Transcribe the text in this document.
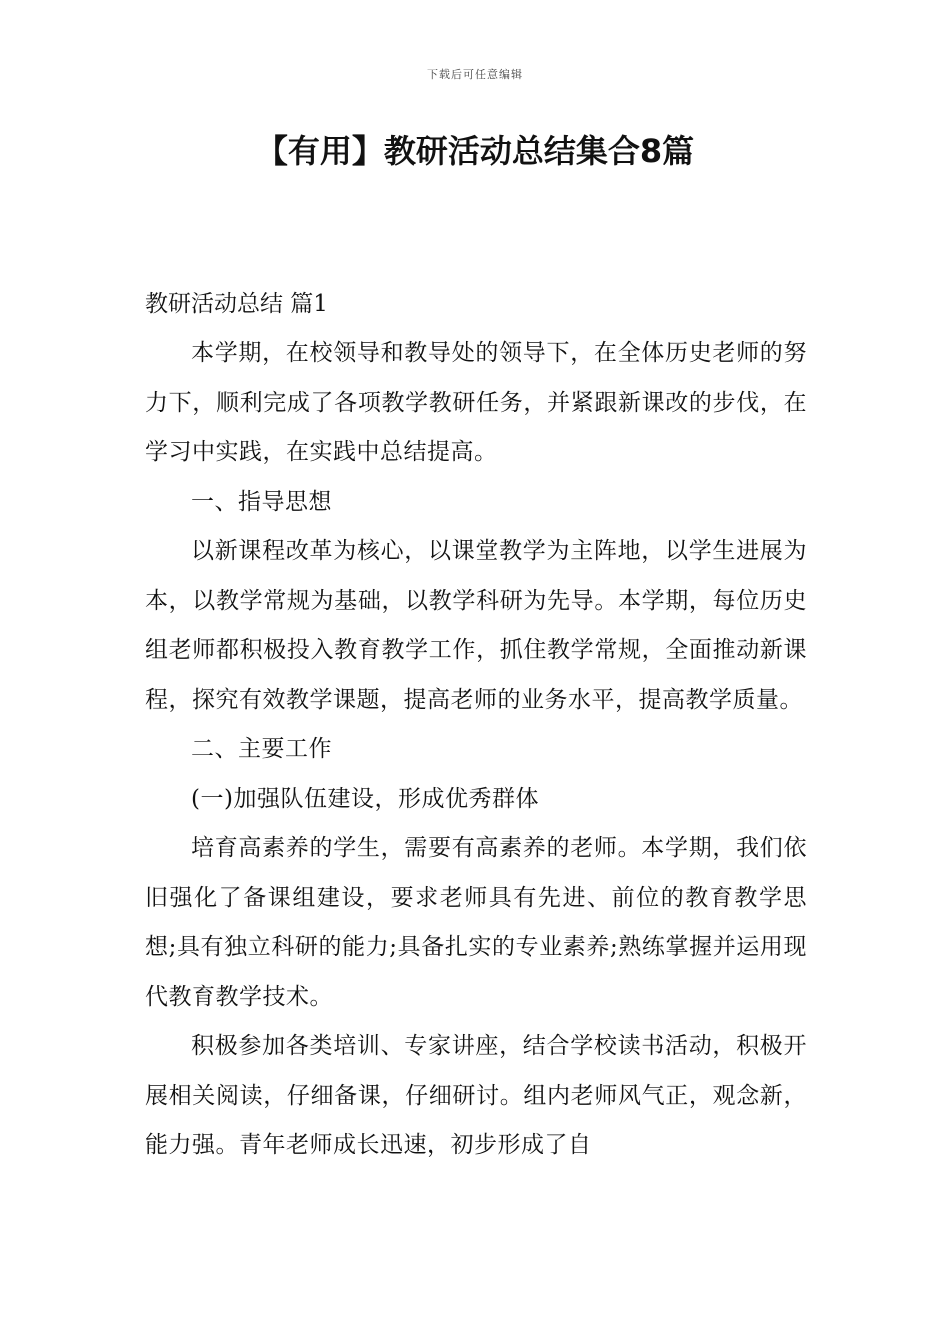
下载后可任意编辑
【有用】教研活动总结集合8篇

教研活动总结 篇1

本学期，在校领导和教导处的领导下，在全体历史老师的努力下，顺利完成了各项教学教研任务，并紧跟新课改的步伐，在学习中实践，在实践中总结提高。

一、指导思想

以新课程改革为核心，以课堂教学为主阵地，以学生进展为本，以教学常规为基础，以教学科研为先导。本学期，每位历史组老师都积极投入教育教学工作，抓住教学常规，全面推动新课程，探究有效教学课题，提高老师的业务水平，提高教学质量。

二、主要工作

(一)加强队伍建设，形成优秀群体

培育高素养的学生，需要有高素养的老师。本学期，我们依旧强化了备课组建设，要求老师具有先进、前位的教育教学思想;具有独立科研的能力;具备扎实的专业素养;熟练掌握并运用现代教育教学技术。

积极参加各类培训、专家讲座，结合学校读书活动，积极开展相关阅读，仔细备课，仔细研讨。组内老师风气正，观念新，能力强。青年老师成长迅速，初步形成了自
